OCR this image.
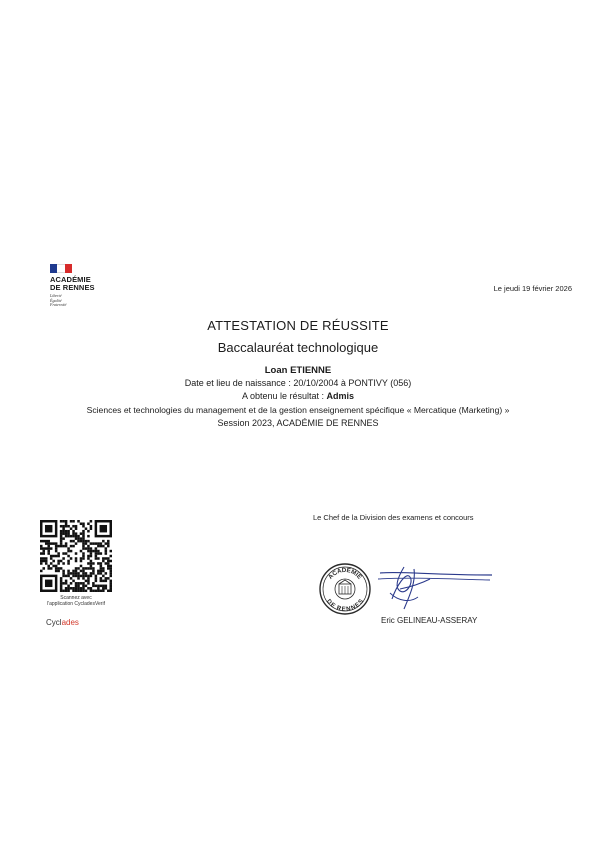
ACADÉMIE
DE RENNES
Liberté
Égalité
Fraternité
Le jeudi 19 février 2026
ATTESTATION DE RÉUSSITE
Baccalauréat technologique
Loan ETIENNE
Date et lieu de naissance : 20/10/2004 à PONTIVY (056)
A obtenu le résultat : Admis
Sciences et technologies du management et de la gestion enseignement spécifique « Mercatique (Marketing) »
Session 2023, ACADÉMIE DE RENNES
Scannez avec
l'application CycladesVerif
Cyclades
Le Chef de la Division des examens et concours
ACADÉMIE
DE RENNES
Eric GELINEAU-ASSERAY
